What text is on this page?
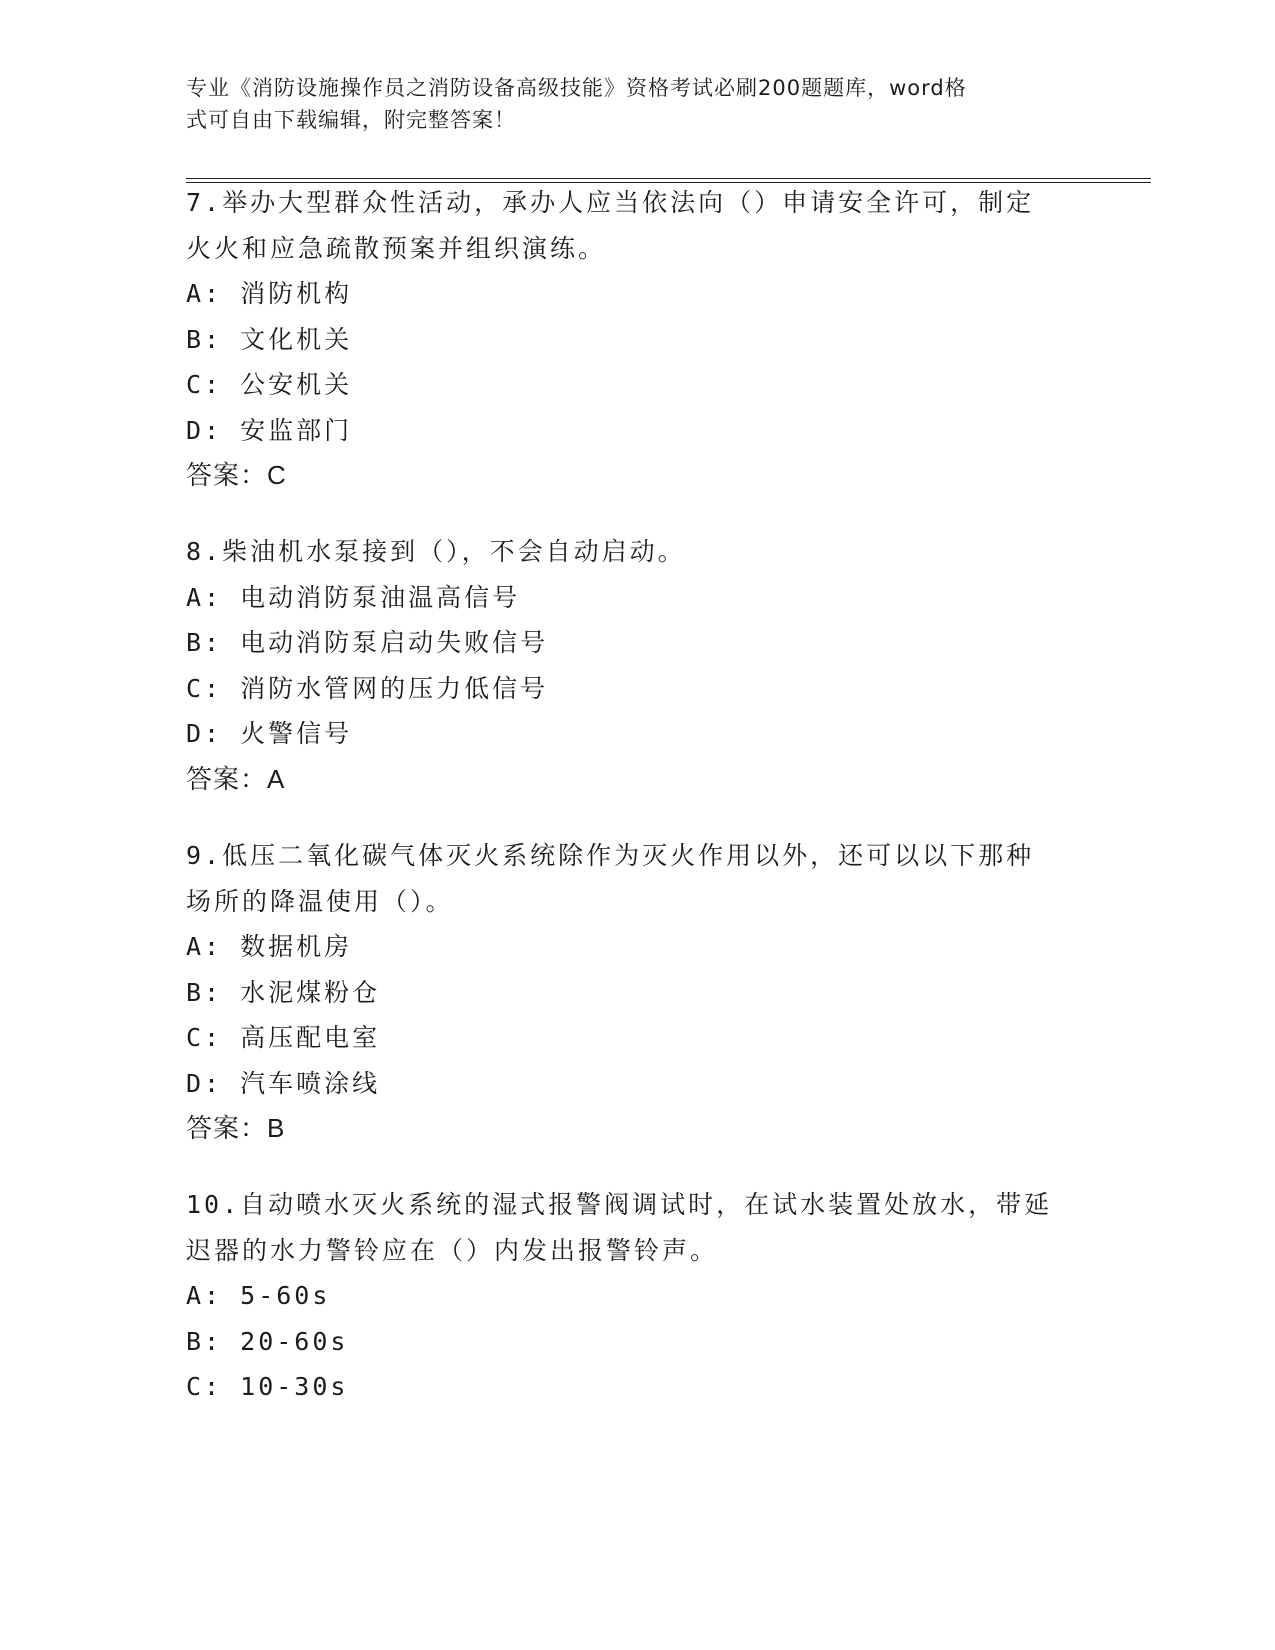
专业《消防设施操作员之消防设备高级技能》资格考试必刷200题题库，word格
式可自由下载编辑，附完整答案！
7.举办大型群众性活动，承办人应当依法向（）申请安全许可，制定
火火和应急疏散预案并组织演练。
A: 消防机构
B: 文化机关
C: 公安机关
D: 安监部门
答案：C
8.柴油机水泵接到（），不会自动启动。
A: 电动消防泵油温高信号
B: 电动消防泵启动失败信号
C: 消防水管网的压力低信号
D: 火警信号
答案：A
9.低压二氧化碳气体灭火系统除作为灭火作用以外，还可以以下那种
场所的降温使用（）。
A: 数据机房
B: 水泥煤粉仓
C: 高压配电室
D: 汽车喷涂线
答案：B
10.自动喷水灭火系统的湿式报警阀调试时，在试水装置处放水，带延
迟器的水力警铃应在（）内发出报警铃声。
A: 5-60s
B: 20-60s
C: 10-30s
